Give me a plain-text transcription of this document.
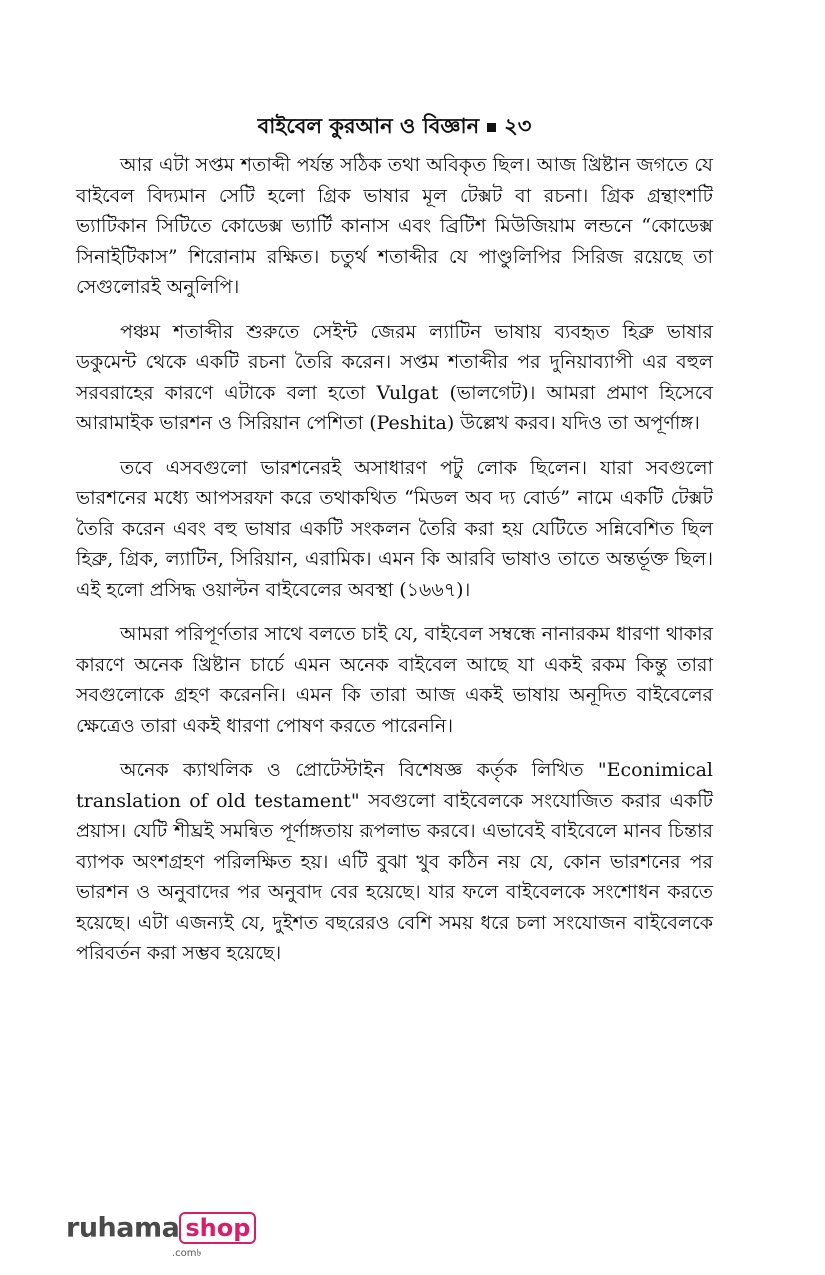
বাইবেল কুরআন ও বিজ্ঞান ২৩

আর এটা সপ্তম শতাব্দী পর্যন্ত সঠিক তথা অবিকৃত ছিল। আজ খ্রিষ্টান জগতে যে বাইবেল বিদ্যমান সেটি হলো গ্রিক ভাষার মূল টেক্সট বা রচনা। গ্রিক গ্রন্থাংশটি ভ্যাটিকান সিটিতে কোডেক্স ভ্যার্টি কানাস এবং ব্রিটিশ মিউজিয়াম লন্ডনে “কোডেক্স সিনাইটিকাস” শিরোনাম রক্ষিত। চতুর্থ শতাব্দীর যে পাণ্ডুলিপির সিরিজ রয়েছে তা সেগুলোরই অনুলিপি।

পঞ্চম শতাব্দীর শুরুতে সেইন্ট জেরম ল্যাটিন ভাষায় ব্যবহৃত হিব্রু ভাষার ডকুমেন্ট থেকে একটি রচনা তৈরি করেন। সপ্তম শতাব্দীর পর দুনিয়াব্যাপী এর বহুল সরবরাহের কারণে এটাকে বলা হতো Vulgat (ভালগেট)। আমরা প্রমাণ হিসেবে আরামাইক ভারশন ও সিরিয়ান পেশিতা (Peshita) উল্লেখ করব। যদিও তা অপূর্ণাঙ্গ।

তবে এসবগুলো ভারশনেরই অসাধারণ পটু লোক ছিলেন। যারা সবগুলো ভারশনের মধ্যে আপসরফা করে তথাকথিত “মিডল অব দ্য বোর্ড” নামে একটি টেক্সট তৈরি করেন এবং বহু ভাষার একটি সংকলন তৈরি করা হয় যেটিতে সন্নিবেশিত ছিল হিব্রু, গ্রিক, ল্যাটিন, সিরিয়ান, এরামিক। এমন কি আরবি ভাষাও তাতে অন্তর্ভূক্ত ছিল। এই হলো প্রসিদ্ধ ওয়াল্টন বাইবেলের অবস্থা (১৬৬৭)।

আমরা পরিপূর্ণতার সাথে বলতে চাই যে, বাইবেল সম্বন্ধে নানারকম ধারণা থাকার কারণে অনেক খ্রিষ্টান চার্চে এমন অনেক বাইবেল আছে যা একই রকম কিন্তু তারা সবগুলোকে গ্রহণ করেননি। এমন কি তারা আজ একই ভাষায় অনূদিত বাইবেলের ক্ষেত্রেও তারা একই ধারণা পোষণ করতে পারেননি।

অনেক ক্যাথলিক ও প্রোটেস্টাইন বিশেষজ্ঞ কর্তৃক লিখিত "Econimical translation of old testament" সবগুলো বাইবেলকে সংযোজিত করার একটি প্রয়াস। যেটি শীঘ্রই সমন্বিত পূর্ণাঙ্গতায় রূপলাভ করবে। এভাবেই বাইবেলে মানব চিন্তার ব্যাপক অংশগ্রহণ পরিলক্ষিত হয়। এটি বুঝা খুব কঠিন নয় যে, কোন ভারশনের পর ভারশন ও অনুবাদের পর অনুবাদ বের হয়েছে। যার ফলে বাইবেলকে সংশোধন করতে হয়েছে। এটা এজন্যই যে, দুইশত বছরেরও বেশি সময় ধরে চলা সংযোজন বাইবেলকে পরিবর্তন করা সম্ভব হয়েছে।

ruhama shop
.com৳
